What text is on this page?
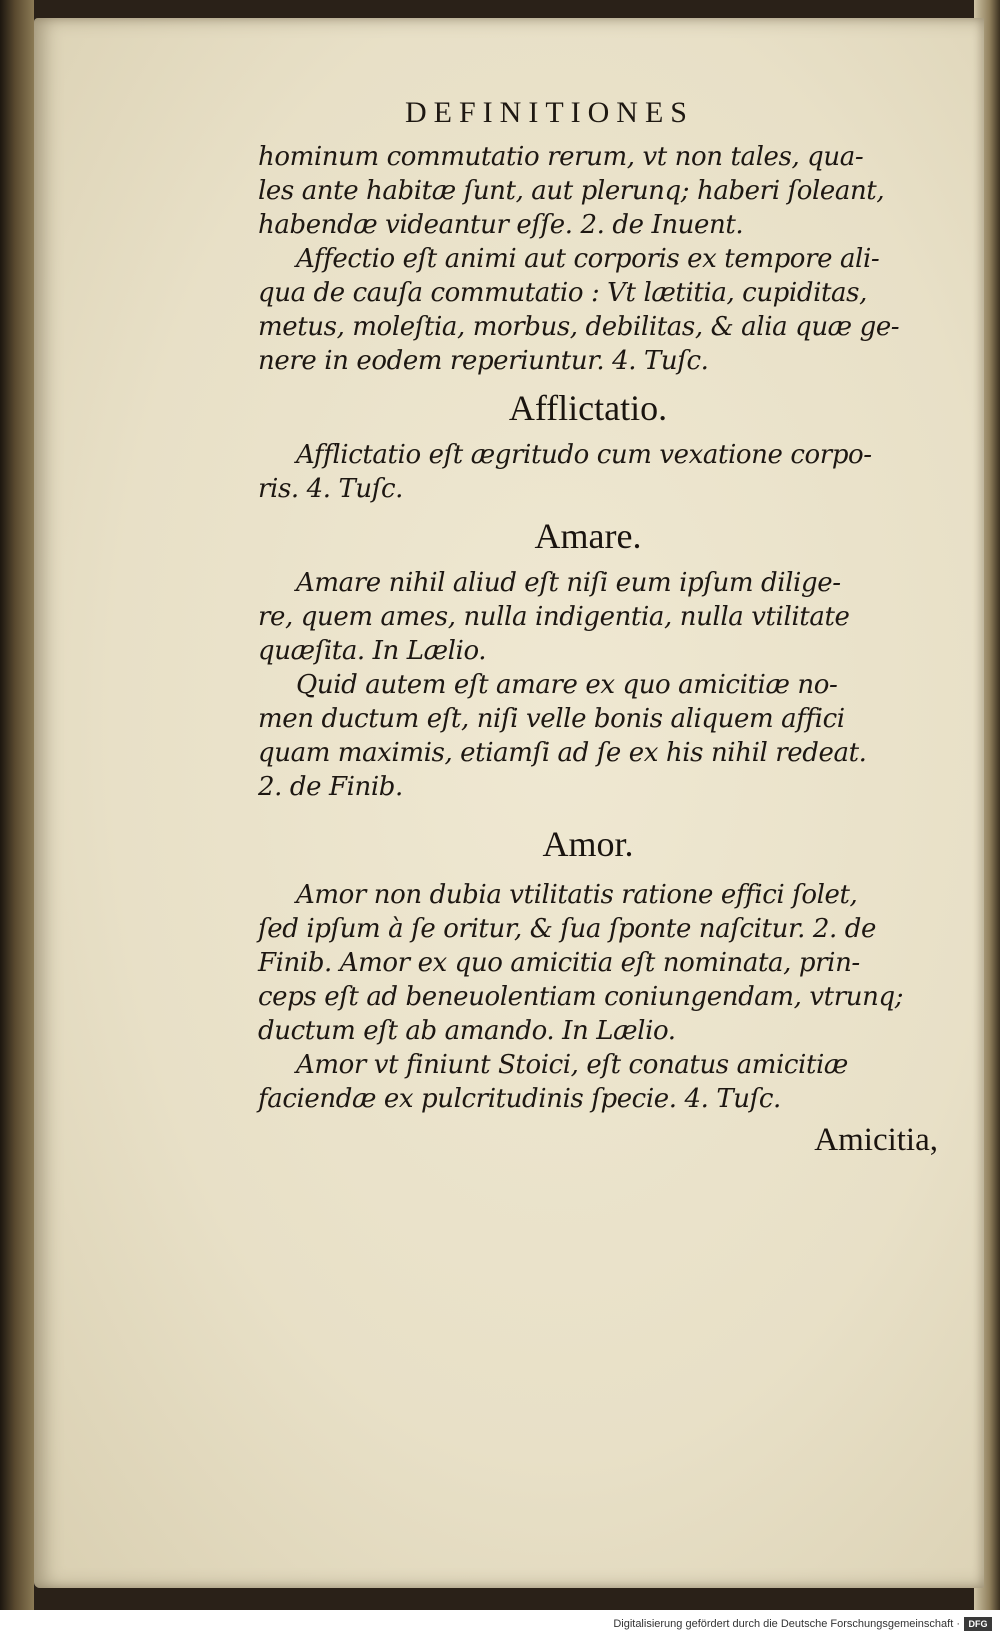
DEFINITIONES
hominum commutatio rerum, vt non tales, qua-
les ante habitæ ſunt, aut plerunq; haberi ſoleant,
habendæ videantur eſſe. 2. de Inuent.
Affectio eſt animi aut corporis ex tempore ali-
qua de cauſa commutatio : Vt lætitia, cupiditas,
metus, moleſtia, morbus, debilitas, & alia quæ ge-
nere in eodem reperiuntur. 4. Tuſc.
Afflictatio.
Afflictatio eſt ægritudo cum vexatione corpo-
ris. 4. Tuſc.
Amare.
Amare nihil aliud eſt niſi eum ipſum dilige-
re, quem ames, nulla indigentia, nulla vtilitate
quæſita. In Lælio.
Quid autem eſt amare ex quo amicitiæ no-
men ductum eſt, niſi velle bonis aliquem affici
quam maximis, etiamſi ad ſe ex his nihil redeat.
2. de Finib.
Amor.
Amor non dubia vtilitatis ratione effici ſolet,
ſed ipſum à ſe oritur, & ſua ſponte naſcitur. 2. de
Finib. Amor ex quo amicitia eſt nominata, prin-
ceps eſt ad beneuolentiam coniungendam, vtrunq;
ductum eſt ab amando. In Lælio.
Amor vt finiunt Stoici, eſt conatus amicitiæ
faciendæ ex pulcritudinis ſpecie. 4. Tuſc.
Amicitia,
Digitalisierung gefördert durch die Deutsche Forschungsgemeinschaft · DFG
